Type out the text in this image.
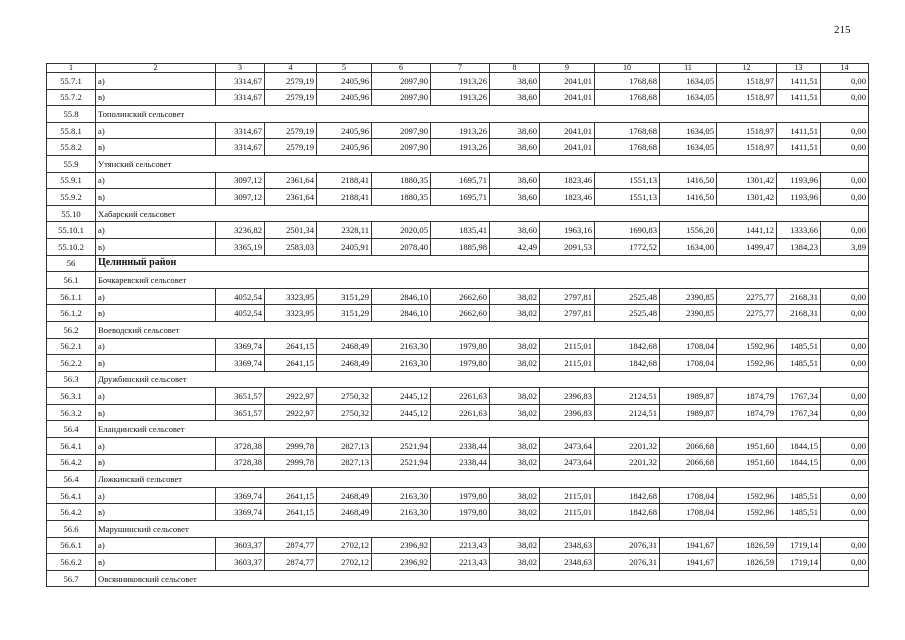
215
1	2	3	4	5	6	7	8	9	10	11	12	13	14
55.7.1	а)	3314,67	2579,19	2405,96	2097,90	1913,26	38,60	2041,01	1768,68	1634,05	1518,97	1411,51	0,00
55.7.2	в)	3314,67	2579,19	2405,96	2097,90	1913,26	38,60	2041,01	1768,68	1634,05	1518,97	1411,51	0,00
55.8	Тополинский сельсовет												
55.8.1	а)	3314,67	2579,19	2405,96	2097,90	1913,26	38,60	2041,01	1768,68	1634,05	1518,97	1411,51	0,00
55.8.2	в)	3314,67	2579,19	2405,96	2097,90	1913,26	38,60	2041,01	1768,68	1634,05	1518,97	1411,51	0,00
55.9	Утянский сельсовет												
55.9.1	а)	3097,12	2361,64	2188,41	1880,35	1695,71	38,60	1823,46	1551,13	1416,50	1301,42	1193,96	0,00
55.9.2	в)	3097,12	2361,64	2188,41	1880,35	1695,71	38,60	1823,46	1551,13	1416,50	1301,42	1193,96	0,00
55.10	Хабарский сельсовет												
55.10.1	а)	3236,82	2501,34	2328,11	2020,05	1835,41	38,60	1963,16	1690,83	1556,20	1441,12	1333,66	0,00
55.10.2	в)	3365,19	2583,03	2405,91	2078,40	1885,98	42,49	2091,53	1772,52	1634,00	1499,47	1384,23	3,89
56	Целинный район												
56.1	Бочкаревский сельсовет												
56.1.1	а)	4052,54	3323,95	3151,29	2846,10	2662,60	38,02	2797,81	2525,48	2390,85	2275,77	2168,31	0,00
56.1.2	в)	4052,54	3323,95	3151,29	2846,10	2662,60	38,02	2797,81	2525,48	2390,85	2275,77	2168,31	0,00
56.2	Воеводский сельсовет												
56.2.1	а)	3369,74	2641,15	2468,49	2163,30	1979,80	38,02	2115,01	1842,68	1708,04	1592,96	1485,51	0,00
56.2.2	в)	3369,74	2641,15	2468,49	2163,30	1979,80	38,02	2115,01	1842,68	1708,04	1592,96	1485,51	0,00
56.3	Дружбинский сельсовет												
56.3.1	а)	3651,57	2922,97	2750,32	2445,12	2261,63	38,02	2396,83	2124,51	1989,87	1874,79	1767,34	0,00
56.3.2	в)	3651,57	2922,97	2750,32	2445,12	2261,63	38,02	2396,83	2124,51	1989,87	1874,79	1767,34	0,00
56.4	Еландинский сельсовет												
56.4.1	а)	3728,38	2999,78	2827,13	2521,94	2338,44	38,02	2473,64	2201,32	2066,68	1951,60	1844,15	0,00
56.4.2	в)	3728,38	2999,78	2827,13	2521,94	2338,44	38,02	2473,64	2201,32	2066,68	1951,60	1844,15	0,00
56.4	Ложкинский сельсовет												
56.4.1	а)	3369,74	2641,15	2468,49	2163,30	1979,80	38,02	2115,01	1842,68	1708,04	1592,96	1485,51	0,00
56.4.2	в)	3369,74	2641,15	2468,49	2163,30	1979,80	38,02	2115,01	1842,68	1708,04	1592,96	1485,51	0,00
56.6	Марушинский сельсовет												
56.6.1	а)	3603,37	2874,77	2702,12	2396,92	2213,43	38,02	2348,63	2076,31	1941,67	1826,59	1719,14	0,00
56.6.2	в)	3603,37	2874,77	2702,12	2396,92	2213,43	38,02	2348,63	2076,31	1941,67	1826,59	1719,14	0,00
56.7	Овсянниковский сельсовет												
